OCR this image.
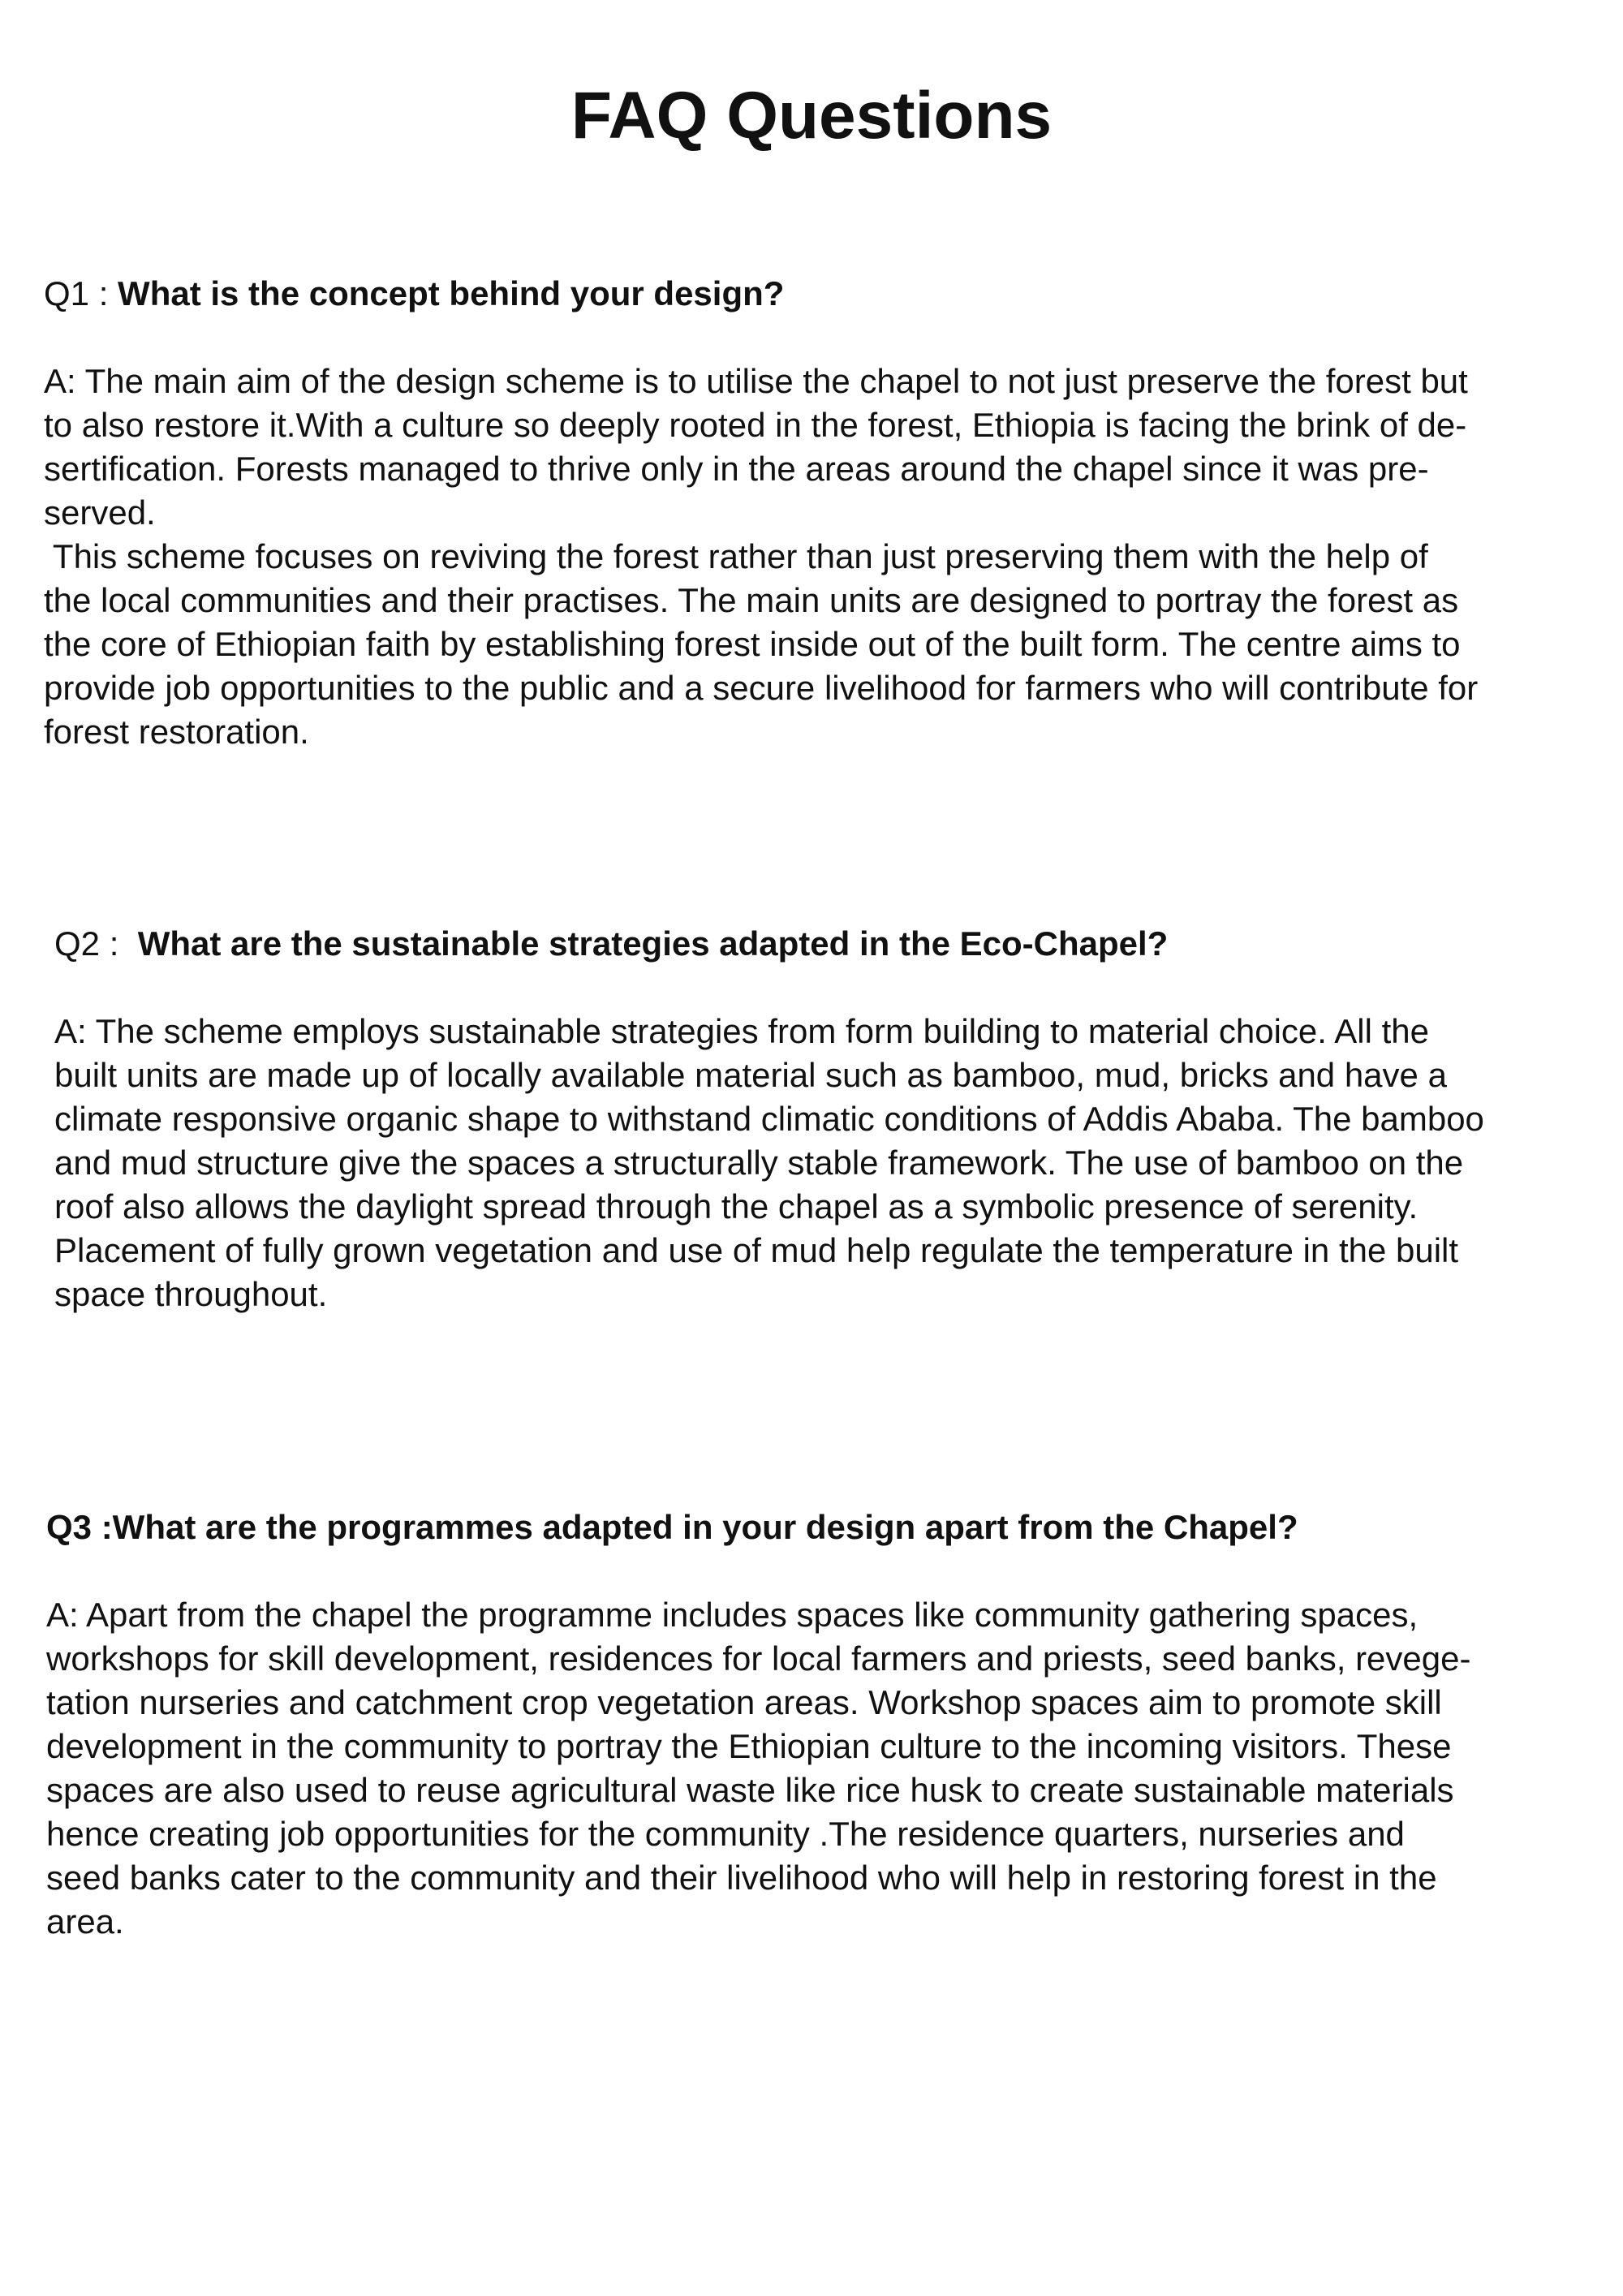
FAQ Questions

Q1 : What is the concept behind your design?

A: The main aim of the design scheme is to utilise the chapel to not just preserve the forest but
to also restore it.With a culture so deeply rooted in the forest, Ethiopia is facing the brink of de-
sertification. Forests managed to thrive only in the areas around the chapel since it was pre-
served.
This scheme focuses on reviving the forest rather than just preserving them with the help of
the local communities and their practises. The main units are designed to portray the forest as
the core of Ethiopian faith by establishing forest inside out of the built form. The centre aims to
provide job opportunities to the public and a secure livelihood for farmers who will contribute for
forest restoration.

Q2 :  What are the sustainable strategies adapted in the Eco-Chapel?

A: The scheme employs sustainable strategies from form building to material choice. All the
built units are made up of locally available material such as bamboo, mud, bricks and have a
climate responsive organic shape to withstand climatic conditions of Addis Ababa. The bamboo
and mud structure give the spaces a structurally stable framework. The use of bamboo on the
roof also allows the daylight spread through the chapel as a symbolic presence of serenity.
Placement of fully grown vegetation and use of mud help regulate the temperature in the built
space throughout.

Q3 :What are the programmes adapted in your design apart from the Chapel?

A: Apart from the chapel the programme includes spaces like community gathering spaces,
workshops for skill development, residences for local farmers and priests, seed banks, revege-
tation nurseries and catchment crop vegetation areas. Workshop spaces aim to promote skill
development in the community to portray the Ethiopian culture to the incoming visitors. These
spaces are also used to reuse agricultural waste like rice husk to create sustainable materials
hence creating job opportunities for the community .The residence quarters, nurseries and
seed banks cater to the community and their livelihood who will help in restoring forest in the
area.
